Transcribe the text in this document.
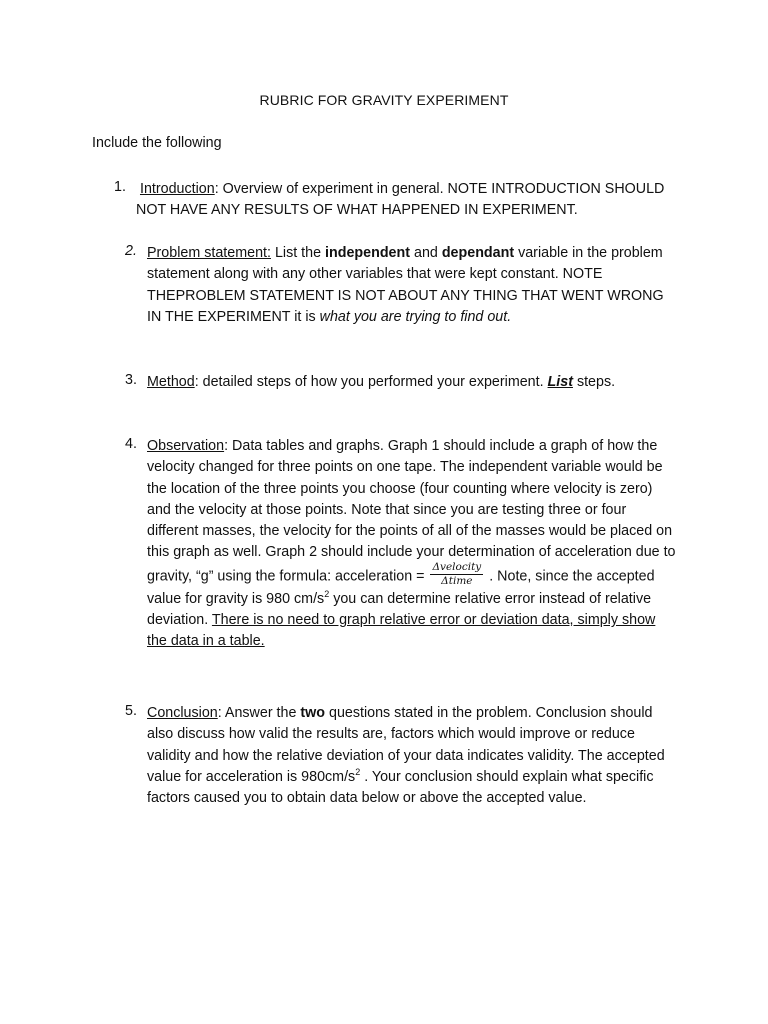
RUBRIC FOR GRAVITY EXPERIMENT
Include the following
1. Introduction: Overview of experiment in general. NOTE INTRODUCTION SHOULD NOT HAVE ANY RESULTS OF WHAT HAPPENED IN EXPERIMENT.
2. Problem statement: List the independent and dependant variable in the problem statement along with any other variables that were kept constant. NOTE THEPROBLEM STATEMENT IS NOT ABOUT ANY THING THAT WENT WRONG IN THE EXPERIMENT it is what you are trying to find out.
3. Method: detailed steps of how you performed your experiment. List steps.
4. Observation: Data tables and graphs. Graph 1 should include a graph of how the velocity changed for three points on one tape. The independent variable would be the location of the three points you choose (four counting where velocity is zero) and the velocity at those points. Note that since you are testing three or four different masses, the velocity for the points of all of the masses would be placed on this graph as well. Graph 2 should include your determination of acceleration due to gravity, “g” using the formula: acceleration = $\frac{\text{Δvelocity}}{\text{Δtime}}$ . Note, since the accepted value for gravity is 980 $cm/s^2$ you can determine relative error instead of relative deviation. There is no need to graph relative error or deviation data, simply show the data in a table.
5. Conclusion: Answer the two questions stated in the problem. Conclusion should also discuss how valid the results are, factors which would improve or reduce validity and how the relative deviation of your data indicates validity. The accepted value for acceleration is $980cm/s^2$ . Your conclusion should explain what specific factors caused you to obtain data below or above the accepted value.
